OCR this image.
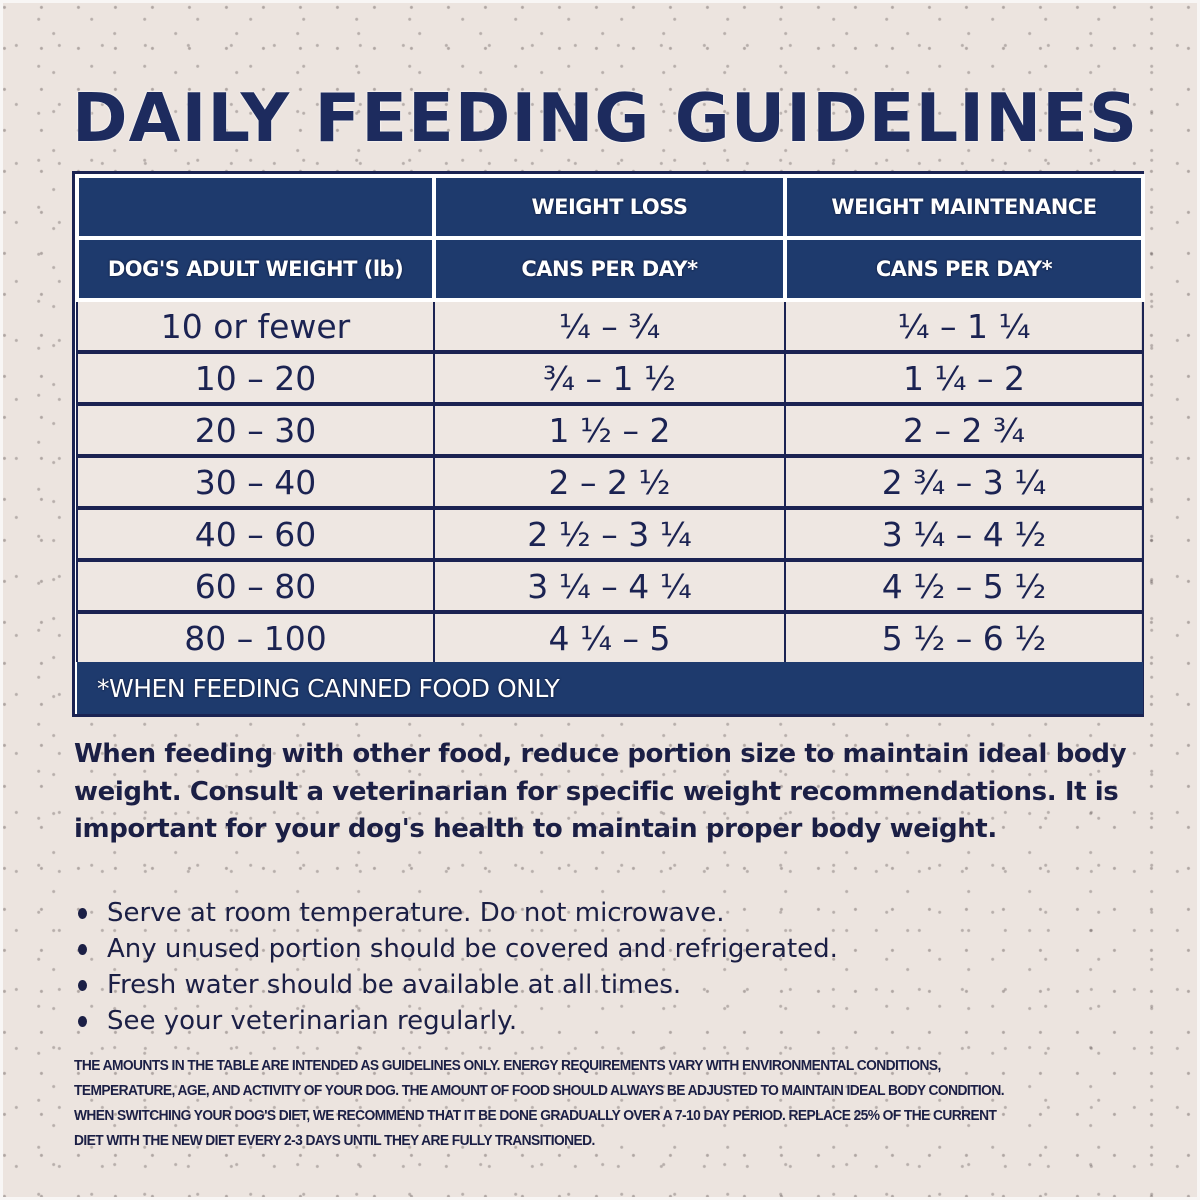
DAILY FEEDING GUIDELINES
	WEIGHT LOSS	WEIGHT MAINTENANCE
DOG'S ADULT WEIGHT (lb)	CANS PER DAY*	CANS PER DAY*
10 or fewer	¼ – ¾	¼ – 1 ¼
10 – 20	¾ – 1 ½	1 ¼ – 2
20 – 30	1 ½ – 2	2 – 2 ¾
30 – 40	2 – 2 ½	2 ¾ – 3 ¼
40 – 60	2 ½ – 3 ¼	3 ¼ – 4 ½
60 – 80	3 ¼ – 4 ¼	4 ½ – 5 ½
80 – 100	4 ¼ – 5	5 ½ – 6 ½
*WHEN FEEDING CANNED FOOD ONLY		

When feeding with other food, reduce portion size to maintain ideal body weight. Consult a veterinarian for specific weight recommendations. It is important for your dog's health to maintain proper body weight.

Serve at room temperature. Do not microwave.
Any unused portion should be covered and refrigerated.
Fresh water should be available at all times.
See your veterinarian regularly.

THE AMOUNTS IN THE TABLE ARE INTENDED AS GUIDELINES ONLY. ENERGY REQUIREMENTS VARY WITH ENVIRONMENTAL CONDITIONS, TEMPERATURE, AGE, AND ACTIVITY OF YOUR DOG. THE AMOUNT OF FOOD SHOULD ALWAYS BE ADJUSTED TO MAINTAIN IDEAL BODY CONDITION. WHEN SWITCHING YOUR DOG'S DIET, WE RECOMMEND THAT IT BE DONE GRADUALLY OVER A 7-10 DAY PERIOD. REPLACE 25% OF THE CURRENT DIET WITH THE NEW DIET EVERY 2-3 DAYS UNTIL THEY ARE FULLY TRANSITIONED.
